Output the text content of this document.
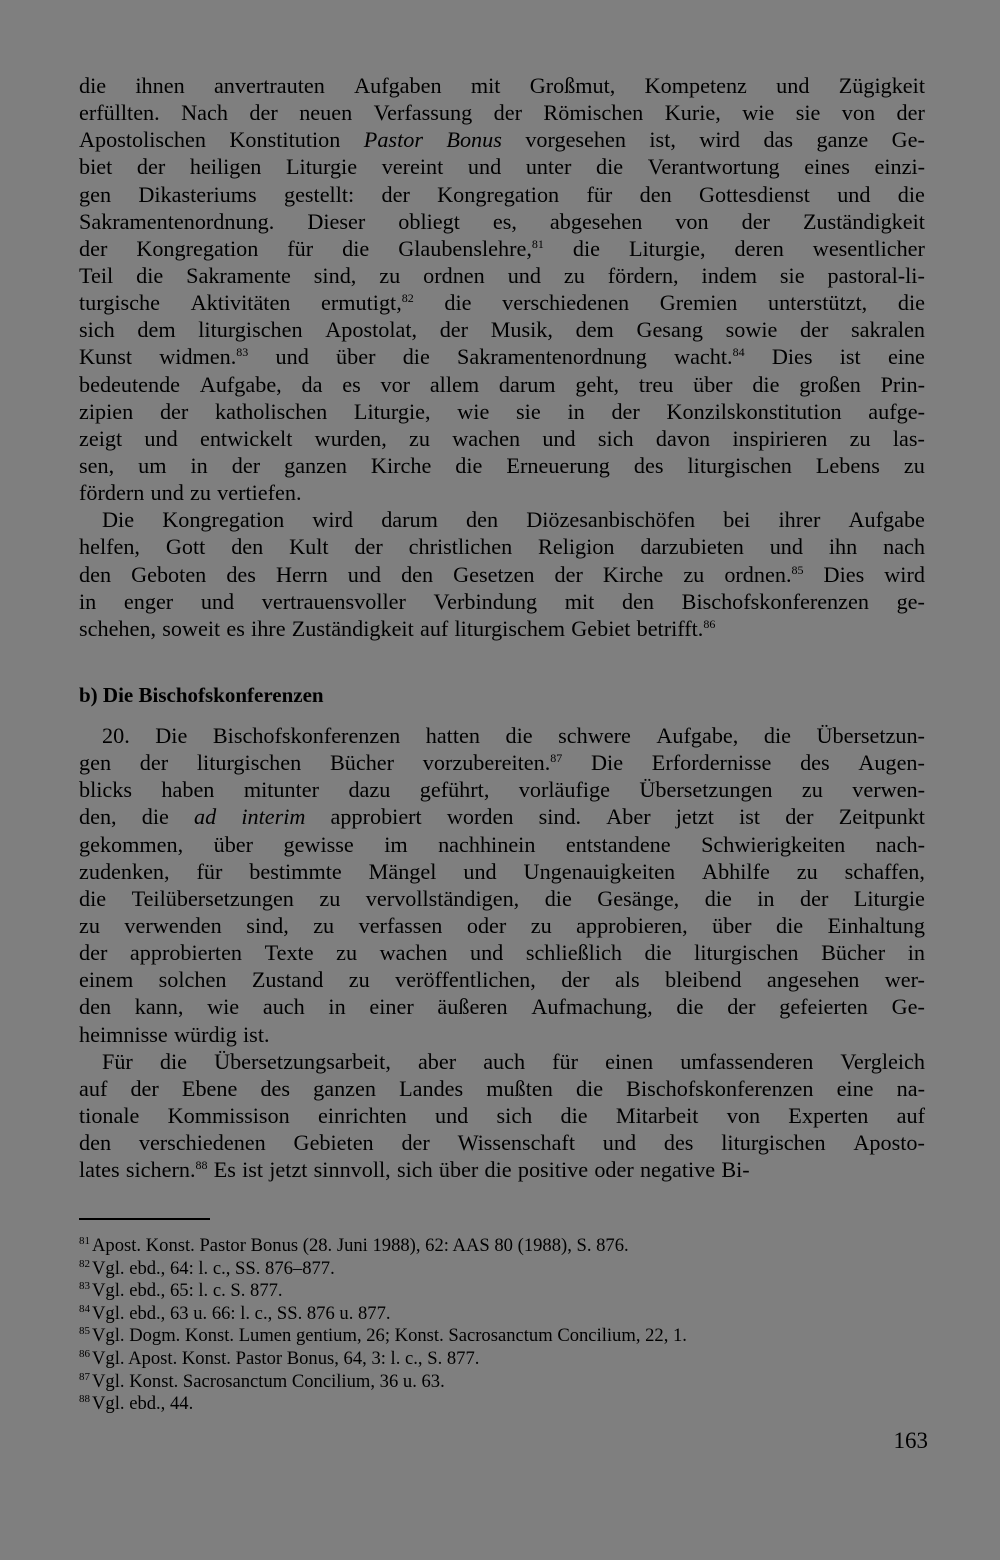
die ihnen anvertrauten Aufgaben mit Großmut, Kompetenz und Zügigkeit
erfüllten. Nach der neuen Verfassung der Römischen Kurie, wie sie von der
Apostolischen Konstitution Pastor Bonus vorgesehen ist, wird das ganze Ge-
biet der heiligen Liturgie vereint und unter die Verantwortung eines einzi-
gen Dikasteriums gestellt: der Kongregation für den Gottesdienst und die
Sakramentenordnung. Dieser obliegt es, abgesehen von der Zuständigkeit
der Kongregation für die Glaubenslehre,$^{81}$ die Liturgie, deren wesentlicher
Teil die Sakramente sind, zu ordnen und zu fördern, indem sie pastoral-li-
turgische Aktivitäten ermutigt,$^{82}$ die verschiedenen Gremien unterstützt, die
sich dem liturgischen Apostolat, der Musik, dem Gesang sowie der sakralen
Kunst widmen.$^{83}$ und über die Sakramentenordnung wacht.$^{84}$ Dies ist eine
bedeutende Aufgabe, da es vor allem darum geht, treu über die großen Prin-
zipien der katholischen Liturgie, wie sie in der Konzilskonstitution aufge-
zeigt und entwickelt wurden, zu wachen und sich davon inspirieren zu las-
sen, um in der ganzen Kirche die Erneuerung des liturgischen Lebens zu
fördern und zu vertiefen.
Die Kongregation wird darum den Diözesanbischöfen bei ihrer Aufgabe
helfen, Gott den Kult der christlichen Religion darzubieten und ihn nach
den Geboten des Herrn und den Gesetzen der Kirche zu ordnen.$^{85}$ Dies wird
in enger und vertrauensvoller Verbindung mit den Bischofskonferenzen ge-
schehen, soweit es ihre Zuständigkeit auf liturgischem Gebiet betrifft.$^{86}$
b) Die Bischofskonferenzen
20. Die Bischofskonferenzen hatten die schwere Aufgabe, die Übersetzun-
gen der liturgischen Bücher vorzubereiten.$^{87}$ Die Erfordernisse des Augen-
blicks haben mitunter dazu geführt, vorläufige Übersetzungen zu verwen-
den, die ad interim approbiert worden sind. Aber jetzt ist der Zeitpunkt
gekommen, über gewisse im nachhinein entstandene Schwierigkeiten nach-
zudenken, für bestimmte Mängel und Ungenauigkeiten Abhilfe zu schaffen,
die Teilübersetzungen zu vervollständigen, die Gesänge, die in der Liturgie
zu verwenden sind, zu verfassen oder zu approbieren, über die Einhaltung
der approbierten Texte zu wachen und schließlich die liturgischen Bücher in
einem solchen Zustand zu veröffentlichen, der als bleibend angesehen wer-
den kann, wie auch in einer äußeren Aufmachung, die der gefeierten Ge-
heimnisse würdig ist.
Für die Übersetzungsarbeit, aber auch für einen umfassenderen Vergleich
auf der Ebene des ganzen Landes mußten die Bischofskonferenzen eine na-
tionale Kommissison einrichten und sich die Mitarbeit von Experten auf
den verschiedenen Gebieten der Wissenschaft und des liturgischen Aposto-
lates sichern.$^{88}$ Es ist jetzt sinnvoll, sich über die positive oder negative Bi-
$^{81}$ Apost. Konst. Pastor Bonus (28. Juni 1988), 62: AAS 80 (1988), S. 876.
$^{82}$ Vgl. ebd., 64: l. c., SS. 876–877.
$^{83}$ Vgl. ebd., 65: l. c. S. 877.
$^{84}$ Vgl. ebd., 63 u. 66: l. c., SS. 876 u. 877.
$^{85}$ Vgl. Dogm. Konst. Lumen gentium, 26; Konst. Sacrosanctum Concilium, 22, 1.
$^{86}$ Vgl. Apost. Konst. Pastor Bonus, 64, 3: l. c., S. 877.
$^{87}$ Vgl. Konst. Sacrosanctum Concilium, 36 u. 63.
$^{88}$ Vgl. ebd., 44.
163
